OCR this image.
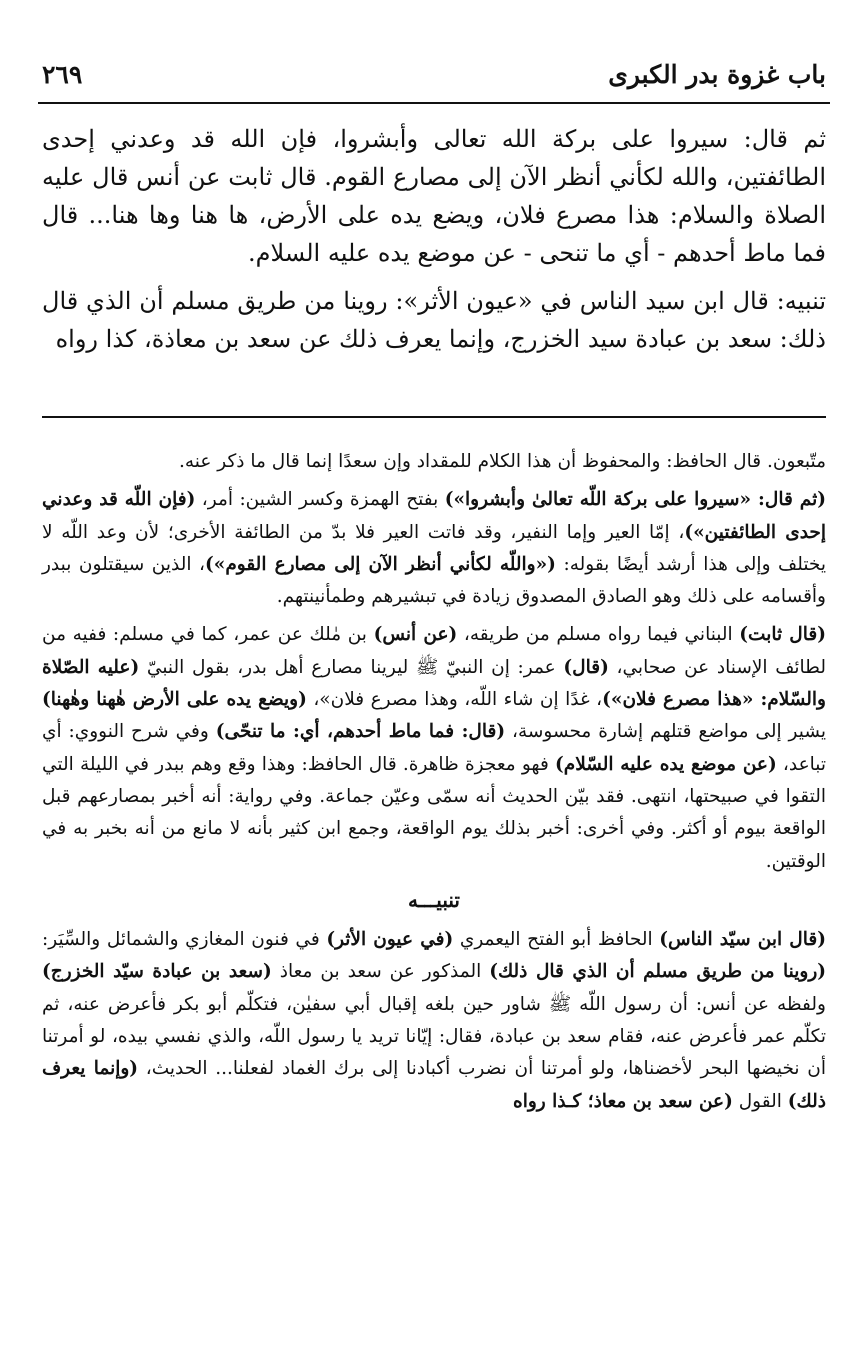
باب غزوة بدر الكبرى
٢٦٩

ثم قال: سيروا على بركة الله تعالى وأبشروا، فإن الله قد وعدني إحدى الطائفتين، والله لكأني أنظر الآن إلى مصارع القوم. قال ثابت عن أنس قال عليه الصلاة والسلام: هذا مصرع فلان، ويضع يده على الأرض، ها هنا وها هنا... قال فما ماط أحدهم - أي ما تنحى - عن موضع يده عليه السلام.

تنبيه: قال ابن سيد الناس في «عيون الأثر»: روينا من طريق مسلم أن الذي قال ذلك: سعد بن عبادة سيد الخزرج، وإنما يعرف ذلك عن سعد بن معاذة، كذا رواه

متّبعون. قال الحافظ: والمحفوظ أن هذا الكلام للمقداد وإن سعدًا إنما قال ما ذكر عنه.

(ثم قال: «سيروا على بركة اللّه تعالىٰ وأبشروا») بفتح الهمزة وكسر الشين: أمر، (فإن اللّه قد وعدني إحدى الطائفتين»)، إمّا العير وإما النفير، وقد فاتت العير فلا بدّ من الطائفة الأخرى؛ لأن وعد اللّه لا يختلف وإلى هذا أرشد أيضًا بقوله: («واللّه لكأني أنظر الآن إلى مصارع القوم»)، الذين سيقتلون ببدر وأقسامه على ذلك وهو الصادق المصدوق زيادة في تبشيرهم وطمأنينتهم.

(قال ثابت) البناني فيما رواه مسلم من طريقه، (عن أنس) بن مٰلك عن عمر، كما في مسلم: ففيه من لطائف الإسناد عن صحابي، (قال) عمر: إن النبيّ ﷺ ليرينا مصارع أهل بدر، بقول النبيّ (عليه الصّلاة والسّلام: «هذا مصرع فلان»)، غدًا إن شاء اللّه، وهذا مصرع فلان»، (ويضع يده على الأرض هٰهنا وهٰهنا) يشير إلى مواضع قتلهم إشارة محسوسة، (قال: فما ماط أحدهم، أي: ما تنحّى) وفي شرح النووي: أي تباعد، (عن موضع يده عليه السّلام) فهو معجزة ظاهرة. قال الحافظ: وهذا وقع وهم ببدر في الليلة التي التقوا في صبيحتها، انتهى. فقد بيّن الحديث أنه سمّى وعيّن جماعة. وفي رواية: أنه أخبر بمصارعهم قبل الواقعة بيوم أو أكثر. وفي أخرى: أخبر بذلك يوم الواقعة، وجمع ابن كثير بأنه لا مانع من أنه بخبر به في الوقتين.

تنبيـــه

(قال ابن سيّد الناس) الحافظ أبو الفتح اليعمري (في عيون الأثر) في فنون المغازي والشمائل والسِّيَر: (روينا من طريق مسلم أن الذي قال ذلك) المذكور عن سعد بن معاذ (سعد بن عبادة سيّد الخزرج) ولفظه عن أنس: أن رسول اللّه ﷺ شاور حين بلغه إقبال أبي سفيٰن، فتكلّم أبو بكر فأعرض عنه، ثم تكلّم عمر فأعرض عنه، فقام سعد بن عبادة، فقال: إيّانا تريد يا رسول اللّه، والذي نفسي بيده، لو أمرتنا أن نخيضها البحر لأخضناها، ولو أمرتنا أن نضرب أكبادنا إلى برك الغماد لفعلنا... الحديث، (وإنما يعرف ذلك) القول (عن سعد بن معاذ؛ كـذا رواه
